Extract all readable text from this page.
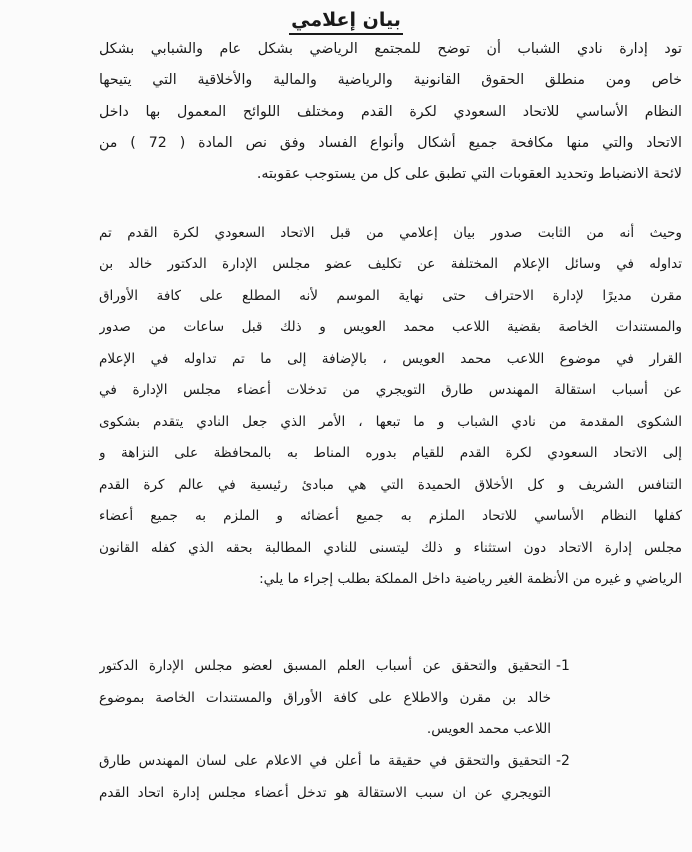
بيان إعلامي
تود إدارة نادي الشباب أن توضح للمجتمع الرياضي بشكل عام والشبابي بشكل
خاص ومن منطلق الحقوق القانونية والرياضية والمالية والأخلاقية التي يتيحها
النظام الأساسي للاتحاد السعودي لكرة القدم ومختلف اللوائح المعمول بها داخل
الاتحاد والتي منها مكافحة جميع أشكال وأنواع الفساد وفق نص المادة ( 72 ) من
لائحة الانضباط وتحديد العقوبات التي تطبق على كل من يستوجب عقوبته.
وحيث أنه من الثابت صدور بيان إعلامي من قبل الاتحاد السعودي لكرة القدم تم
تداوله في وسائل الإعلام المختلفة عن تكليف عضو مجلس الإدارة الدكتور خالد بن
مقرن مديرًا لإدارة الاحتراف حتى نهاية الموسم لأنه المطلع على كافة الأوراق
والمستندات الخاصة بقضية اللاعب محمد العويس و ذلك قبل ساعات من صدور
القرار في موضوع اللاعب محمد العويس ، بالإضافة إلى ما تم تداوله في الإعلام
عن أسباب استقالة المهندس طارق التويجري من تدخلات أعضاء مجلس الإدارة في
الشكوى المقدمة من نادي الشباب و ما تبعها ، الأمر الذي جعل النادي يتقدم بشكوى
إلى الاتحاد السعودي لكرة القدم للقيام بدوره المناط به بالمحافظة على النزاهة و
التنافس الشريف و كل الأخلاق الحميدة التي هي مبادئ رئيسية في عالم كرة القدم
كفلها النظام الأساسي للاتحاد الملزم به جميع أعضائه و الملزم به جميع أعضاء
مجلس إدارة الاتحاد دون استثناء و ذلك ليتسنى للنادي المطالبة بحقه الذي كفله القانون
الرياضي و غيره من الأنظمة الغير رياضية داخل المملكة بطلب إجراء ما يلي:
-1
التحقيق والتحقق عن أسباب العلم المسبق لعضو مجلس الإدارة الدكتور
خالد بن مقرن والاطلاع على كافة الأوراق والمستندات الخاصة بموضوع
اللاعب محمد العويس.
-2
التحقيق والتحقق في حقيقة ما أعلن في الاعلام على لسان المهندس طارق
التويجري عن ان سبب الاستقالة هو تدخل أعضاء مجلس إدارة اتحاد القدم
